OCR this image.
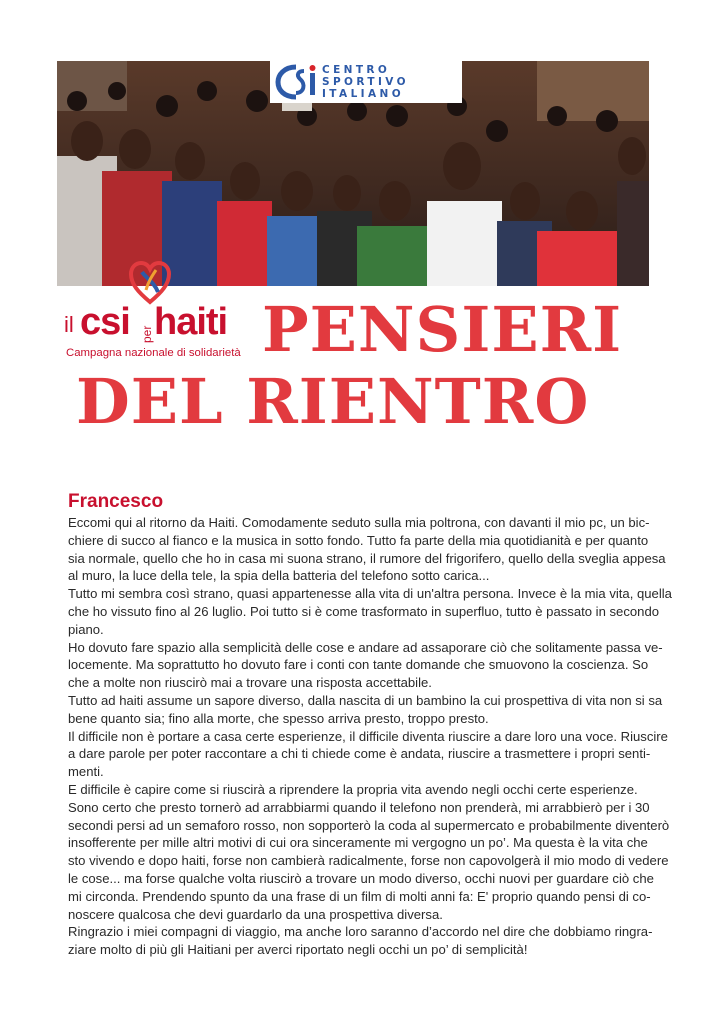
CENTRO
SPORTIVO
ITALIANO
il csi per haiti
Campagna nazionale di solidarietà PENSIERI
DEL RIENTRO
Francesco

Eccomi qui al ritorno da Haiti. Comodamente seduto sulla mia poltrona, con davanti il mio pc, un bic-

chiere di succo al fianco e la musica in sotto fondo. Tutto fa parte della mia quotidianità e per quanto

sia normale, quello che ho in casa mi suona strano, il rumore del frigorifero, quello della sveglia appesa

al muro, la luce della tele, la spia della batteria del telefono sotto carica...

Tutto mi sembra così strano, quasi appartenesse alla vita di un'altra persona. Invece è la mia vita, quella

che ho vissuto fino al 26 luglio. Poi tutto si è come trasformato in superfluo, tutto è passato in secondo

piano.

Ho dovuto fare spazio alla semplicità delle cose e andare ad assaporare ciò che solitamente passa ve-

locemente. Ma soprattutto ho dovuto fare i conti con tante domande che smuovono la coscienza. So

che a molte non riuscirò mai a trovare una risposta accettabile.

Tutto ad haiti assume un sapore diverso, dalla nascita di un bambino la cui prospettiva di vita non si sa

bene quanto sia; fino alla morte, che spesso arriva presto, troppo presto.

Il difficile non è portare a casa certe esperienze, il difficile diventa riuscire a dare loro una voce. Riuscire

a dare parole per poter raccontare a chi ti chiede come è andata, riuscire a trasmettere i propri senti-

menti.

E difficile è capire come si riuscirà a riprendere la propria vita avendo negli occhi certe esperienze.

Sono certo che presto tornerò ad arrabbiarmi quando il telefono non prenderà, mi arrabbierò per i 30

secondi persi ad un semaforo rosso, non sopporterò la coda al supermercato e probabilmente diventerò

insofferente per mille altri motivi di cui ora sinceramente mi vergogno un po’. Ma questa è la vita che

sto vivendo e dopo haiti, forse non cambierà radicalmente, forse non capovolgerà il mio modo di vedere

le cose... ma forse qualche volta riuscirò a trovare un modo diverso, occhi nuovi per guardare ciò che

mi circonda. Prendendo spunto da una frase di un film di molti anni fa: E' proprio quando pensi di co-

noscere qualcosa che devi guardarlo da una prospettiva diversa.

Ringrazio i miei compagni di viaggio, ma anche loro saranno d’accordo nel dire che dobbiamo ringra-

ziare molto di più gli Haitiani per averci riportato negli occhi un po’ di semplicità!
